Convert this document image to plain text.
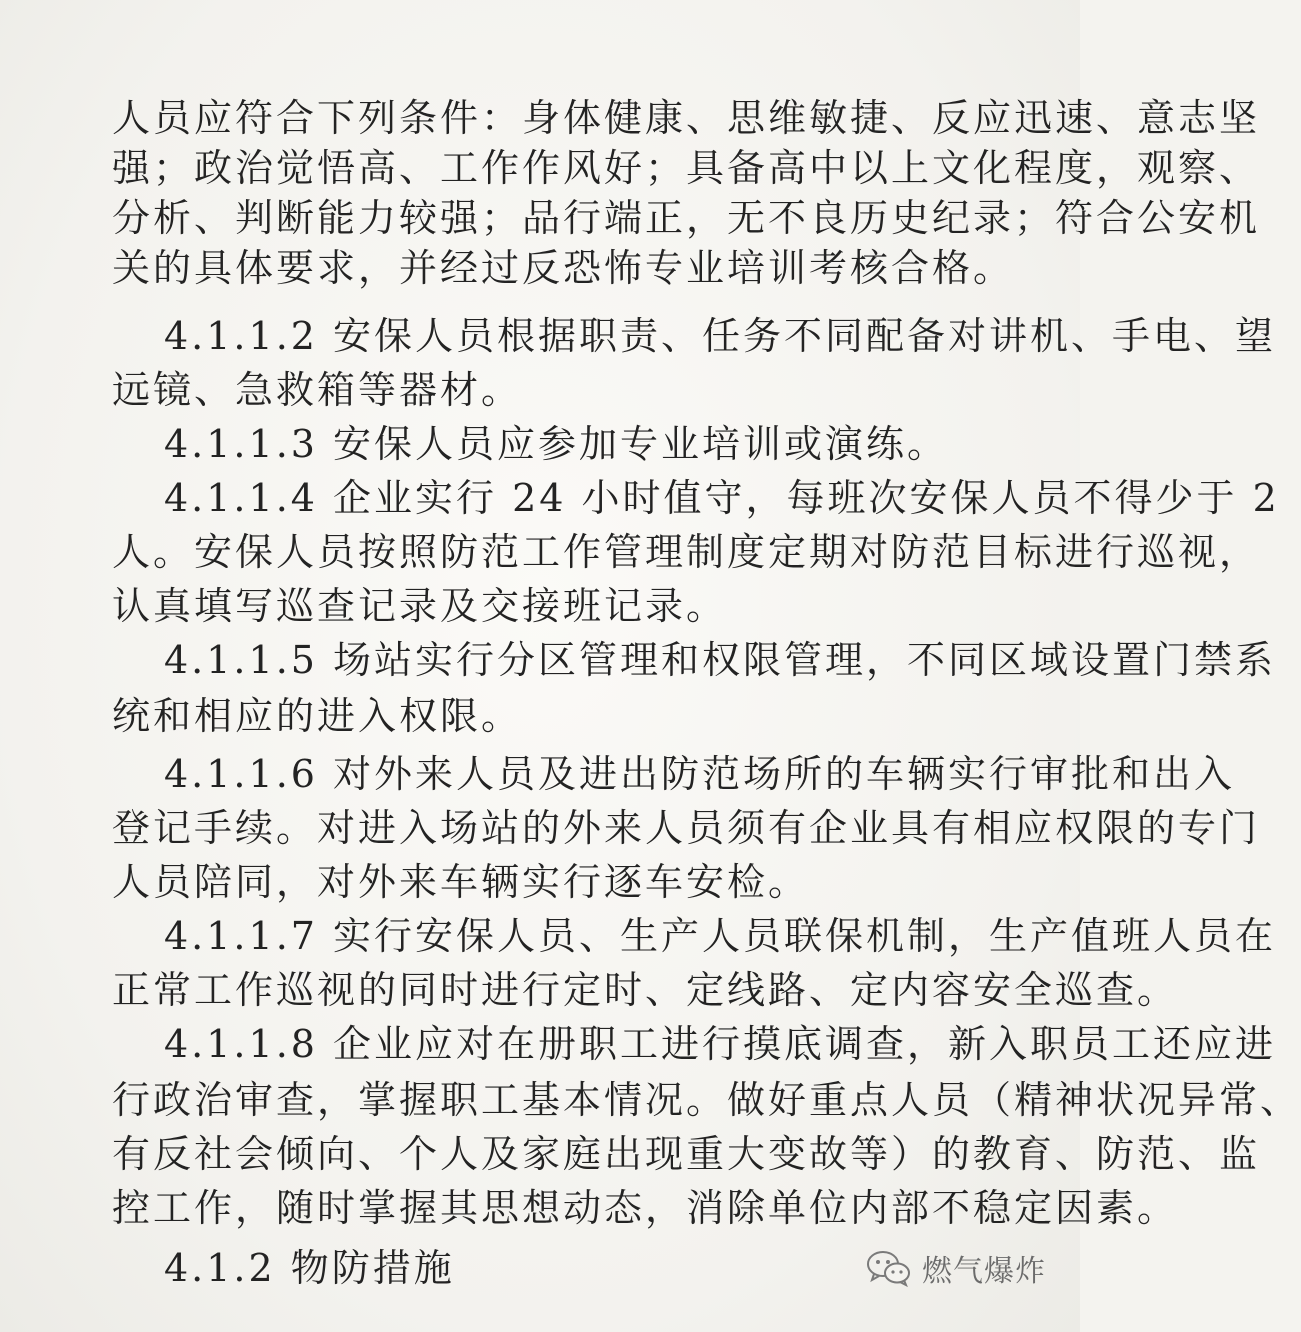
人员应符合下列条件：身体健康、思维敏捷、反应迅速、意志坚
强；政治觉悟高、工作作风好；具备高中以上文化程度，观察、
分析、判断能力较强；品行端正，无不良历史纪录；符合公安机
关的具体要求，并经过反恐怖专业培训考核合格。
4.1.1.2 安保人员根据职责、任务不同配备对讲机、手电、望
远镜、急救箱等器材。
4.1.1.3 安保人员应参加专业培训或演练。
4.1.1.4 企业实行 24 小时值守，每班次安保人员不得少于 2
人。安保人员按照防范工作管理制度定期对防范目标进行巡视，
认真填写巡查记录及交接班记录。
4.1.1.5 场站实行分区管理和权限管理，不同区域设置门禁系
统和相应的进入权限。
4.1.1.6 对外来人员及进出防范场所的车辆实行审批和出入
登记手续。对进入场站的外来人员须有企业具有相应权限的专门
人员陪同，对外来车辆实行逐车安检。
4.1.1.7 实行安保人员、生产人员联保机制，生产值班人员在
正常工作巡视的同时进行定时、定线路、定内容安全巡查。
4.1.1.8 企业应对在册职工进行摸底调查，新入职员工还应进
行政治审查，掌握职工基本情况。做好重点人员（精神状况异常、
有反社会倾向、个人及家庭出现重大变故等）的教育、防范、监
控工作，随时掌握其思想动态，消除单位内部不稳定因素。
4.1.2 物防措施	燃气爆炸
